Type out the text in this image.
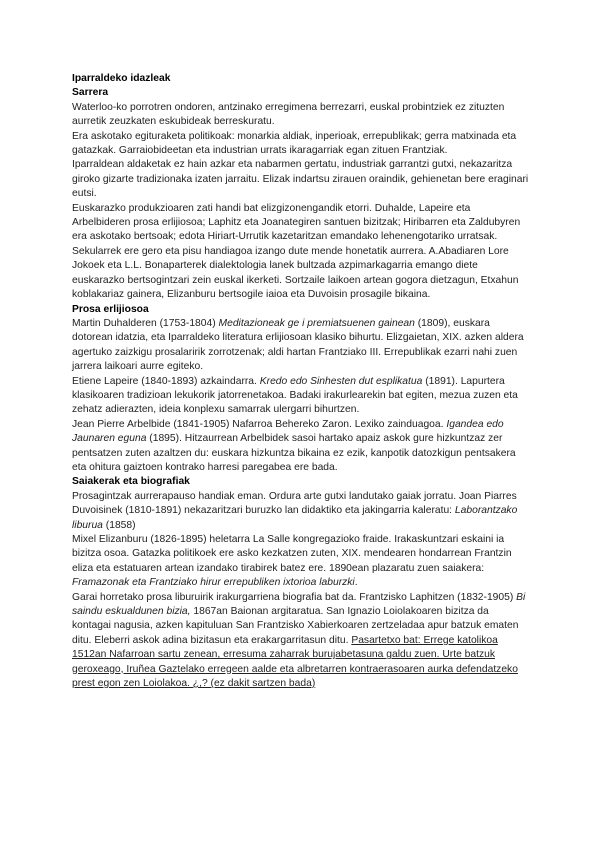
Iparraldeko idazleak
Sarrera

Waterloo-ko porrotren ondoren, antzinako erregimena berrezarri, euskal probintziek ez zituzten aurretik zeuzkaten eskubideak berreskuratu.

Era askotako egituraketa politikoak: monarkia aldiak, inperioak, errepublikak; gerra matxinada eta gatazkak. Garraiobideetan eta industrian urrats ikaragarriak egan zituen Frantziak.

Iparraldean aldaketak ez hain azkar eta nabarmen gertatu, industriak garrantzi gutxi, nekazaritza giroko gizarte tradizionaka izaten jarraitu. Elizak indartsu zirauen oraindik, gehienetan bere eraginari eutsi.

Euskarazko produkzioaren zati handi bat elizgizonengandik etorri. Duhalde, Lapeire eta Arbelbideren prosa erlijiosoa; Laphitz eta Joanategiren santuen bizitzak; Hiribarren eta Zaldubyren era askotako bertsoak; edota Hiriart-Urrutik kazetaritzan emandako lehenengotariko urratsak.

Sekularrek ere gero eta pisu handiagoa izango dute mende honetatik aurrera. A.Abadiaren Lore Jokoek eta L.L. Bonaparterek dialektologia lanek bultzada azpimarkagarria emango diete euskarazko bertsogintzari zein euskal ikerketi. Sortzaile laikoen artean gogora dietzagun, Etxahun koblakariaz gainera, Elizanburu bertsogile iaioa eta Duvoisin prosagile bikaina.

Prosa erlijiosoa

Martin Duhalderen (1753-1804) Meditazioneak ge i premiatsuenen gainean (1809), euskara dotorean idatzia, eta Iparraldeko literatura erlijiosoan klasiko bihurtu. Elizgaietan, XIX. azken aldera agertuko zaizkigu prosalaririk zorrotzenak; aldi hartan Frantziako III. Errepublikak ezarri nahi zuen jarrera laikoari aurre egiteko.

Etiene Lapeire (1840-1893) azkaindarra. Kredo edo Sinhesten dut esplikatua (1891). Lapurtera klasikoaren tradizioan lekukorik jatorrenetakoa. Badaki irakurlearekin bat egiten, mezua zuzen eta zehatz adierazten, ideia konplexu samarrak ulergarri bihurtzen.

Jean Pierre Arbelbide (1841-1905) Nafarroa Behereko Zaron. Lexiko zainduagoa. Igandea edo Jaunaren eguna (1895). Hitzaurrean Arbelbidek sasoi hartako apaiz askok gure hizkuntzaz zer pentsatzen zuten azaltzen du: euskara hizkuntza bikaina ez ezik, kanpotik datozkigun pentsakera eta ohitura gaiztoen kontrako harresi paregabea ere bada.

Saiakerak eta biografiak

Prosagintzak aurrerapauso handiak eman. Ordura arte gutxi landutako gaiak jorratu. Joan Piarres Duvoisinek (1810-1891) nekazaritzari buruzko lan didaktiko eta jakingarria kaleratu: Laborantzako liburua (1858)

Mixel Elizanburu (1826-1895) heletarra La Salle kongregazioko fraide. Irakaskuntzari eskaini ia bizitza osoa. Gatazka politikoek ere asko kezkatzen zuten, XIX. mendearen hondarrean Frantzin eliza eta estatuaren artean izandako tirabirek batez ere. 1890ean plazaratu zuen saiakera: Framazonak eta Frantziako hirur errepubliken ixtorioa laburzki.

Garai horretako prosa liburuirik irakurgarriena biografia bat da. Frantzisko Laphitzen (1832-1905) Bi saindu eskualdunen bizia, 1867an Baionan argitaratua. San Ignazio Loiolakoaren bizitza da kontagai nagusia, azken kapituluan San Frantzisko Xabierkoaren zertzeladaa apur batzuk ematen ditu. Eleberri askok adina bizitasun eta erakargarritasun ditu. Pasartetxo bat: Errege katolikoa 1512an Nafarroan sartu zenean, erresuma zaharrak burujabetasuna galdu zuen. Urte batzuk geroxeago, Iruñea Gaztelako erregeen aalde eta albretarren kontraerasoaren aurka defendatzeko prest egon zen Loiolakoa. ¿,? (ez dakit sartzen bada)
